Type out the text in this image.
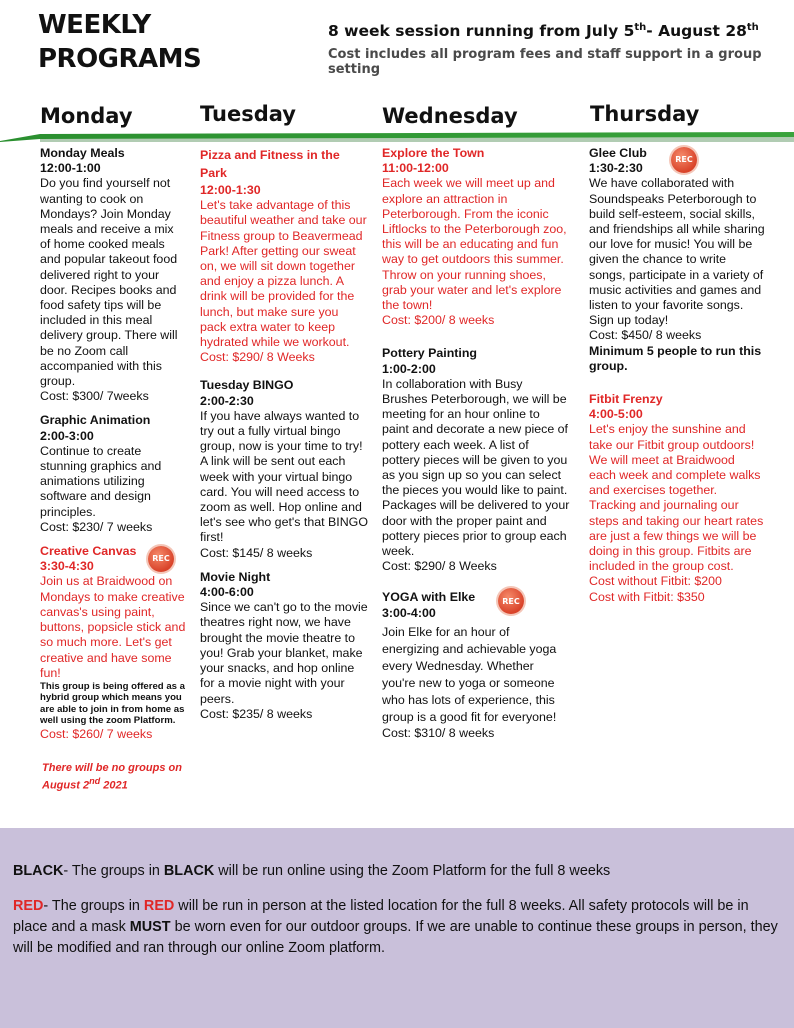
WEEKLY
PROGRAMS
8 week session running from July 5th- August 28th
Cost includes all program fees and staff support in a group setting
Monday	Tuesday	Wednesday	Thursday
Monday Meals
12:00-1:00
Do you find yourself not wanting to cook on Mondays? Join Monday meals and receive a mix of home cooked meals and popular takeout food delivered right to your door. Recipes books and food safety tips will be included in this meal delivery group. There will be no Zoom call accompanied with this group.
Cost: $300/ 7weeks
Graphic Animation
2:00-3:00
Continue to create stunning graphics and animations utilizing software and design principles.
Cost: $230/ 7 weeks
REC
Creative Canvas
3:30-4:30
Join us at Braidwood on Mondays to make creative canvas's using paint, buttons, popsicle stick and so much more. Let's get creative and have some fun!
This group is being offered as a hybrid group which means you are able to join in from home as well using the zoom Platform.
Cost: $260/ 7 weeks
There will be no groups on August 2nd 2021
Pizza and Fitness in the Park
12:00-1:30
Let's take advantage of this beautiful weather and take our Fitness group to Beavermead Park! After getting our sweat on, we will sit down together and enjoy a pizza lunch. A drink will be provided for the lunch, but make sure you pack extra water to keep hydrated while we workout.
Cost: $290/ 8 Weeks
Tuesday BINGO
2:00-2:30
If you have always wanted to try out a fully virtual bingo group, now is your time to try! A link will be sent out each week with your virtual bingo card. You will need access to zoom as well. Hop online and let's see who get's that BINGO first!
Cost: $145/ 8 weeks
Movie Night
4:00-6:00
Since we can't go to the movie theatres right now, we have brought the movie theatre to you! Grab your blanket, make your snacks, and hop online for a movie night with your peers.
Cost: $235/ 8 weeks
Explore the Town
11:00-12:00
Each week we will meet up and explore an attraction in Peterborough. From the iconic Liftlocks to the Peterborough zoo, this will be an educating and fun way to get outdoors this summer. Throw on your running shoes, grab your water and let's explore the town!
Cost: $200/ 8 weeks
Pottery Painting
1:00-2:00
In collaboration with Busy Brushes Peterborough, we will be meeting for an hour online to paint and decorate a new piece of pottery each week. A list of pottery pieces will be given to you as you sign up so you can select the pieces you would like to paint. Packages will be delivered to your door with the proper paint and pottery pieces prior to group each week.
Cost: $290/ 8 Weeks
REC
YOGA with Elke
3:00-4:00
Join Elke for an hour of energizing and achievable yoga every Wednesday. Whether you're new to yoga or someone who has lots of experience, this group is a good fit for everyone!
Cost: $310/ 8 weeks
REC
Glee Club
1:30-2:30
We have collaborated with Soundspeaks Peterborough to build self-esteem, social skills, and friendships all while sharing our love for music! You will be given the chance to write songs, participate in a variety of music activities and games and listen to your favorite songs. Sign up today!
Cost: $450/ 8 weeks
Minimum 5 people to run this group.
Fitbit Frenzy
4:00-5:00
Let's enjoy the sunshine and take our Fitbit group outdoors! We will meet at Braidwood each week and complete walks and exercises together. Tracking and journaling our steps and taking our heart rates are just a few things we will be doing in this group. Fitbits are included in the group cost.
Cost without Fitbit: $200
Cost with Fitbit: $350
BLACK- The groups in BLACK will be run online using the Zoom Platform for the full 8 weeks
RED- The groups in RED will be run in person at the listed location for the full 8 weeks. All safety protocols will be in place and a mask MUST be worn even for our outdoor groups. If we are unable to continue these groups in person, they will be modified and ran through our online Zoom platform.
